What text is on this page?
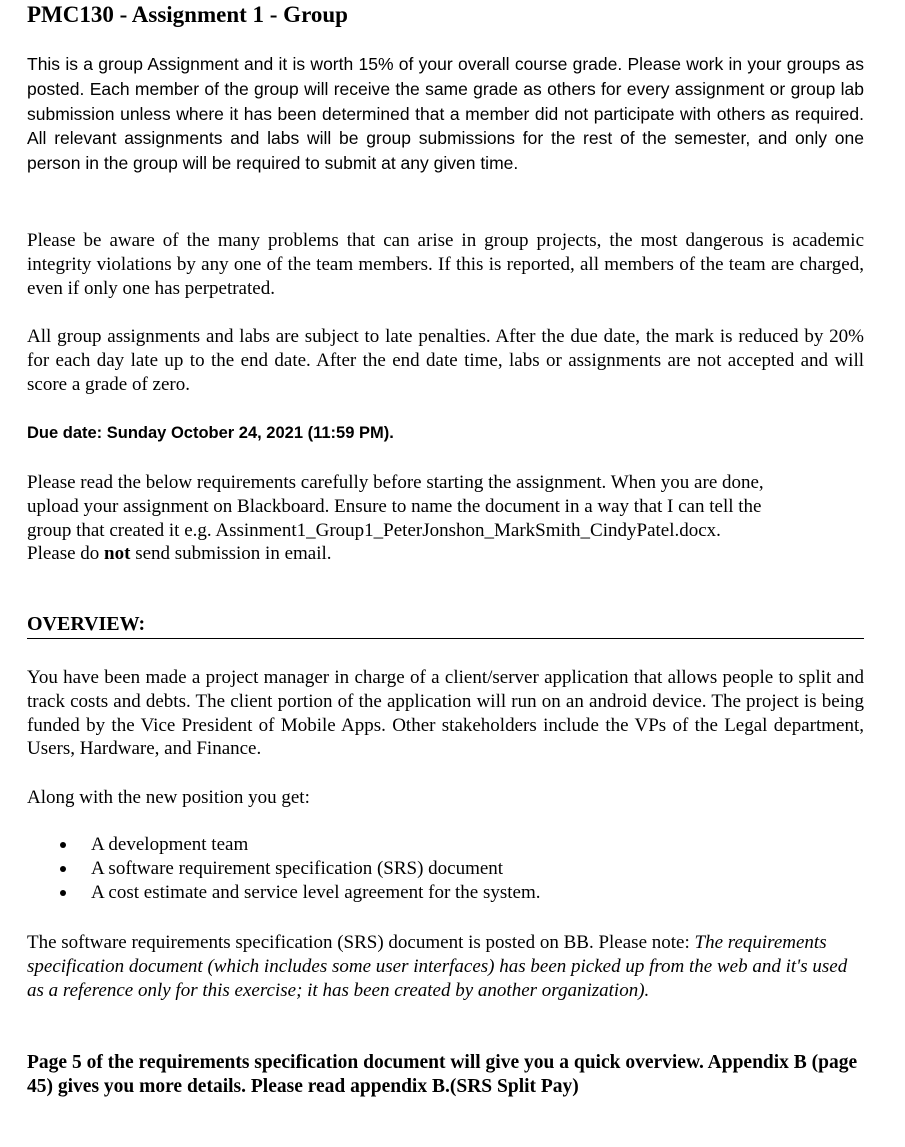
PMC130 - Assignment 1 - Group

This is a group Assignment and it is worth 15% of your overall course grade. Please work in your groups as posted. Each member of the group will receive the same grade as others for every assignment or group lab submission unless where it has been determined that a member did not participate with others as required. All relevant assignments and labs will be group submissions for the rest of the semester, and only one person in the group will be required to submit at any given time.

Please be aware of the many problems that can arise in group projects, the most dangerous is academic integrity violations by any one of the team members. If this is reported, all members of the team are charged, even if only one has perpetrated.

All group assignments and labs are subject to late penalties. After the due date, the mark is reduced by 20% for each day late up to the end date. After the end date time, labs or assignments are not accepted and will score a grade of zero.

Due date: Sunday October 24, 2021 (11:59 PM).
Please read the below requirements carefully before starting the assignment. When you are done,
upload your assignment on Blackboard. Ensure to name the document in a way that I can tell the
group that created it e.g. Assinment1_Group1_PeterJonshon_MarkSmith_CindyPatel.docx.
Please do not send submission in email.
OVERVIEW:

You have been made a project manager in charge of a client/server application that allows people to split and track costs and debts. The client portion of the application will run on an android device. The project is being funded by the Vice President of Mobile Apps. Other stakeholders include the VPs of the Legal department, Users, Hardware, and Finance.

Along with the new position you get:

A development team
A software requirement specification (SRS) document
A cost estimate and service level agreement for the system.

The software requirements specification (SRS) document is posted on BB. Please note: The requirements specification document (which includes some user interfaces) has been picked up from the web and it's used as a reference only for this exercise; it has been created by another organization).

Page 5 of the requirements specification document will give you a quick overview. Appendix B (page 45) gives you more details. Please read appendix B.(SRS Split Pay)
